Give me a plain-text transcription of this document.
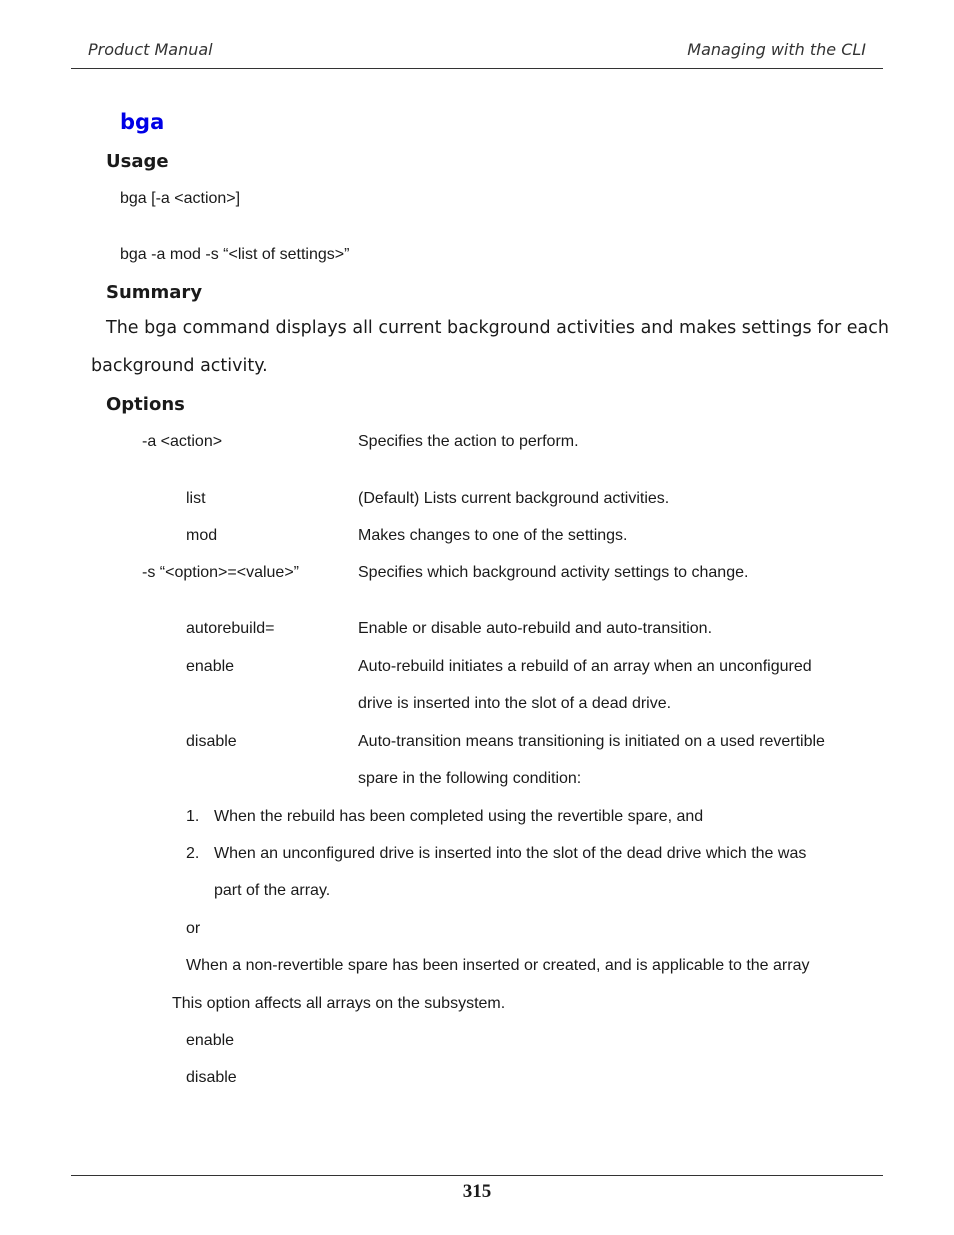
Product Manual	Managing with the CLI
bga
Usage
bga [-a <action>]
bga -a mod -s “<list of settings>”
Summary
The bga command displays all current background activities and makes settings for each
background activity.
Options
-a <action>	Specifies the action to perform.
list	(Default) Lists current background activities.
mod	Makes changes to one of the settings.
-s “<option>=<value>”	Specifies which background activity settings to change.
autorebuild=	Enable or disable auto-rebuild and auto-transition.
enable	Auto-rebuild initiates a rebuild of an array when an unconfigured
drive is inserted into the slot of a dead drive.
disable	Auto-transition means transitioning is initiated on a used revertible
spare in the following condition:
1. When the rebuild has been completed using the revertible spare, and
2. When an unconfigured drive is inserted into the slot of the dead drive which the was
part of the array.
or
When a non-revertible spare has been inserted or created, and is applicable to the array
This option affects all arrays on the subsystem.
enable
disable
315
